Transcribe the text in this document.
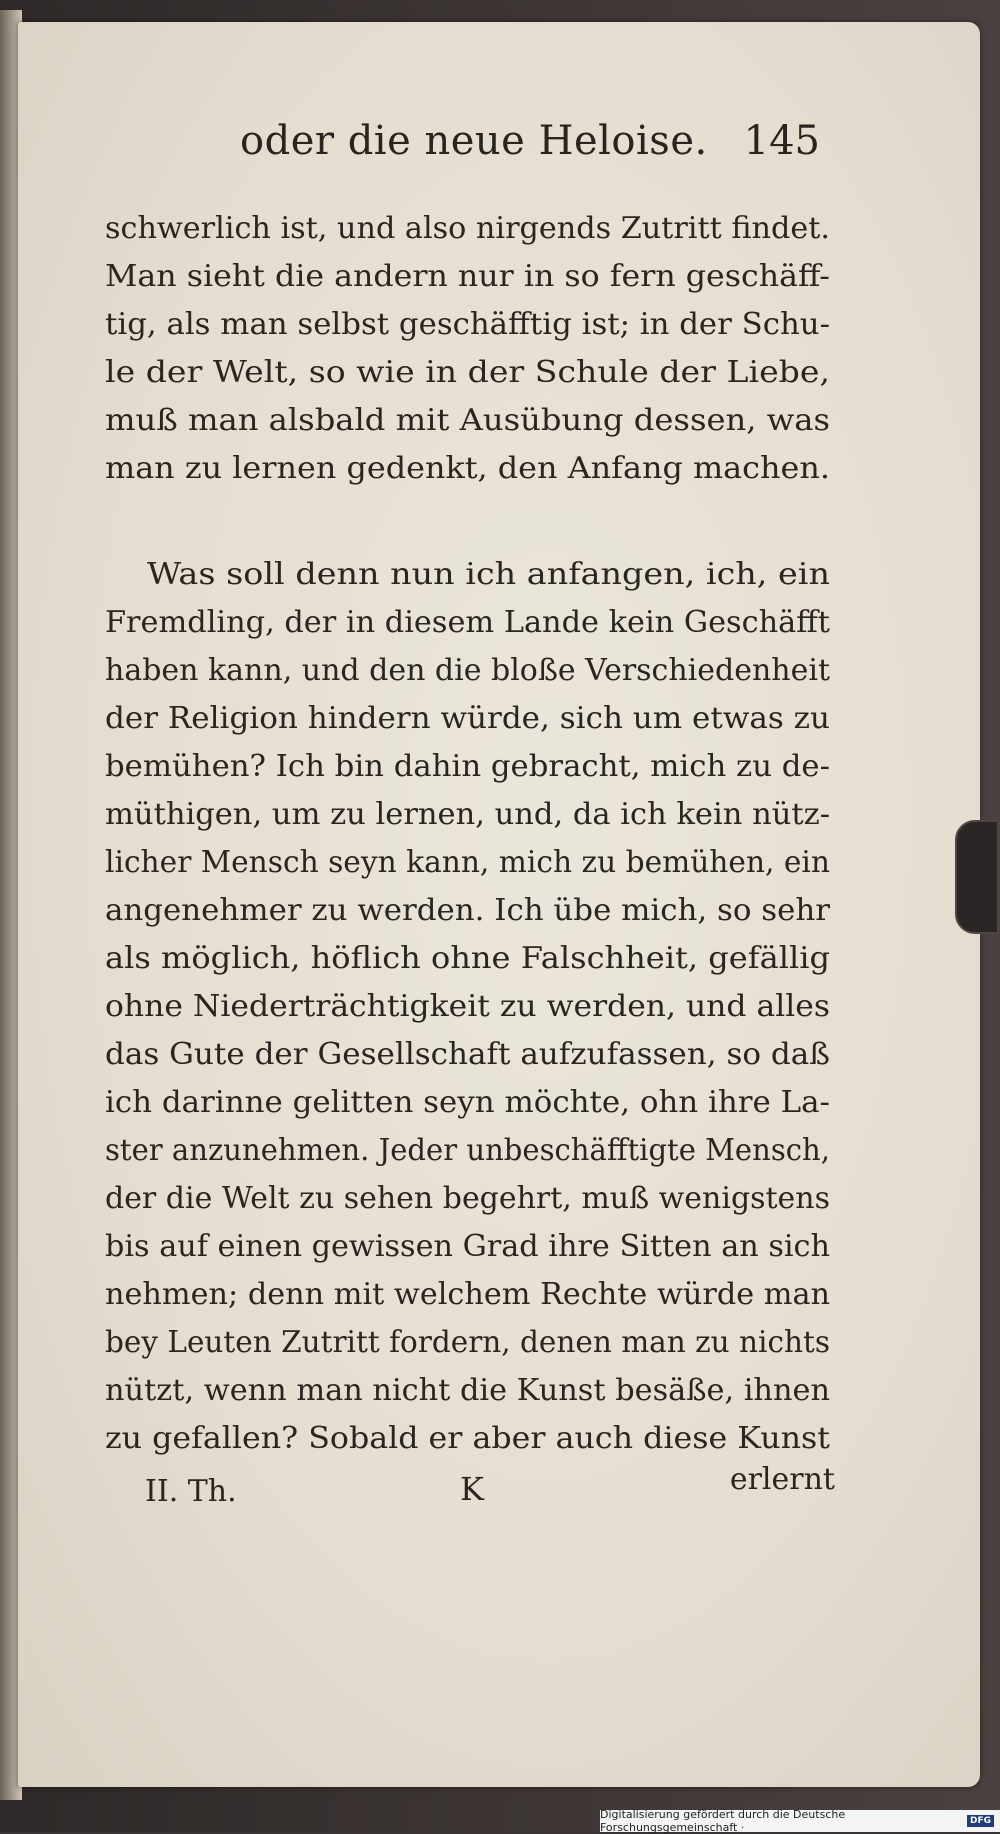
oder die neue Heloise. 145
schwerlich ist, und also nirgends Zutritt findet.
Man sieht die andern nur in so fern geschäff-
tig, als man selbst geschäfftig ist; in der Schu-
le der Welt, so wie in der Schule der Liebe,
muß man alsbald mit Ausübung dessen, was
man zu lernen gedenkt, den Anfang machen.
Was soll denn nun ich anfangen, ich, ein
Fremdling, der in diesem Lande kein Geschäfft
haben kann, und den die bloße Verschiedenheit
der Religion hindern würde, sich um etwas zu
bemühen? Ich bin dahin gebracht, mich zu de-
müthigen, um zu lernen, und, da ich kein nütz-
licher Mensch seyn kann, mich zu bemühen, ein
angenehmer zu werden. Ich übe mich, so sehr
als möglich, höflich ohne Falschheit, gefällig
ohne Niederträchtigkeit zu werden, und alles
das Gute der Gesellschaft aufzufassen, so daß
ich darinne gelitten seyn möchte, ohn ihre La-
ster anzunehmen. Jeder unbeschäfftigte Mensch,
der die Welt zu sehen begehrt, muß wenigstens
bis auf einen gewissen Grad ihre Sitten an sich
nehmen; denn mit welchem Rechte würde man
bey Leuten Zutritt fordern, denen man zu nichts
nützt, wenn man nicht die Kunst besäße, ihnen
zu gefallen? Sobald er aber auch diese Kunst
II. Th.	K	erlernt
Digitalisierung gefördert durch die Deutsche Forschungsgemeinschaft ·	DFG
